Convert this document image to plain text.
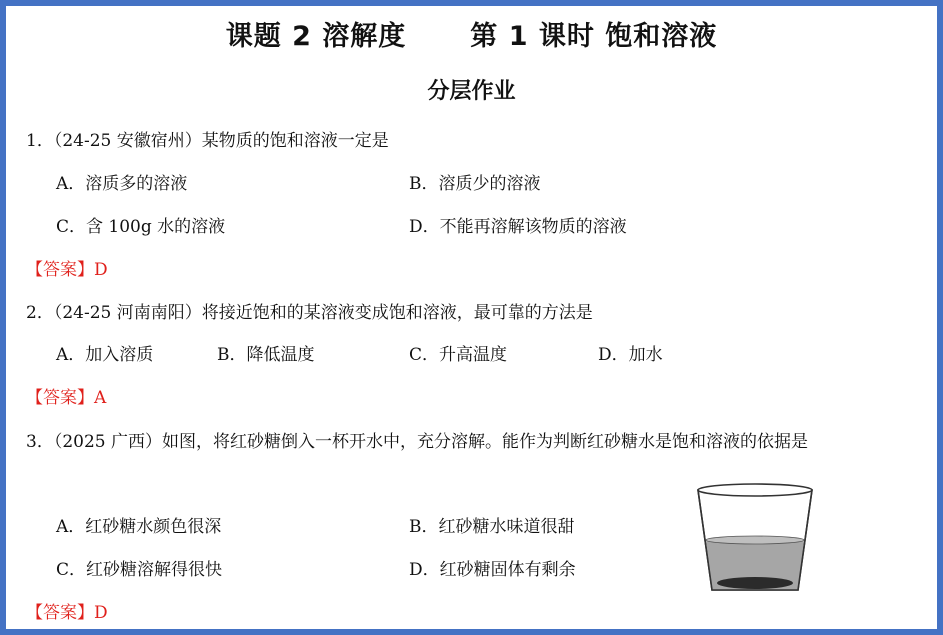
课题 2 溶解度 第 1 课时 饱和溶液
分层作业
1．（24-25 安徽宿州）某物质的饱和溶液一定是
A．溶质多的溶液	B．溶质少的溶液
C．含 100g 水的溶液	D．不能再溶解该物质的溶液
【答案】D
2．（24-25 河南南阳）将接近饱和的某溶液变成饱和溶液，最可靠的方法是
A．加入溶质	B．降低温度	C．升高温度	D．加水
【答案】A
3．（2025 广西）如图，将红砂糖倒入一杯开水中，充分溶解。能作为判断红砂糖水是饱和溶液的依据是
A．红砂糖水颜色很深	B．红砂糖水味道很甜
C．红砂糖溶解得很快	D．红砂糖固体有剩余
【答案】D
